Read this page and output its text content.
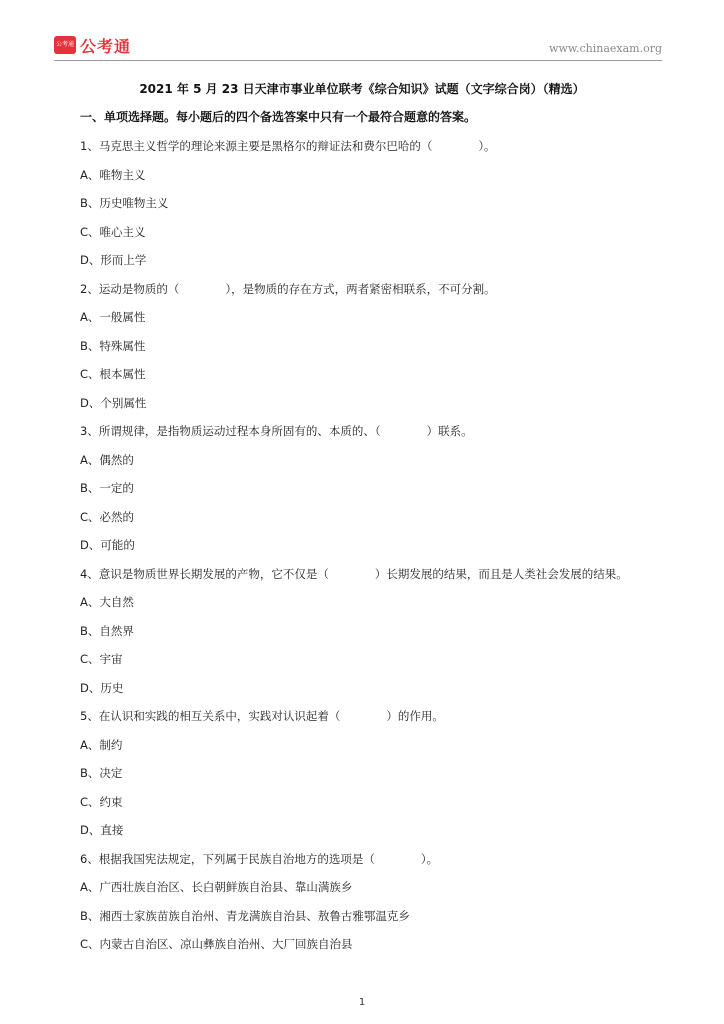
公考通 公考通	www.chinaexam.org
2021 年 5 月 23 日天津市事业单位联考《综合知识》试题（文字综合岗）（精选）
一、单项选择题。每小题后的四个备选答案中只有一个最符合题意的答案。
1、马克思主义哲学的理论来源主要是黑格尔的辩证法和费尔巴哈的（　　　　）。
A、唯物主义
B、历史唯物主义
C、唯心主义
D、形而上学
2、运动是物质的（　　　　），是物质的存在方式，两者紧密相联系，不可分割。
A、一般属性
B、特殊属性
C、根本属性
D、个别属性
3、所谓规律，是指物质运动过程本身所固有的、本质的、（　　　　）联系。
A、偶然的
B、一定的
C、必然的
D、可能的
4、意识是物质世界长期发展的产物，它不仅是（　　　　）长期发展的结果，而且是人类社会发展的结果。
A、大自然
B、自然界
C、宇宙
D、历史
5、在认识和实践的相互关系中，实践对认识起着（　　　　）的作用。
A、制约
B、决定
C、约束
D、直接
6、根据我国宪法规定，下列属于民族自治地方的选项是（　　　　）。
A、广西壮族自治区、长白朝鲜族自治县、靠山满族乡
B、湘西士家族苗族自治州、青龙满族自治县、敖鲁古雅鄂温克乡
C、内蒙古自治区、凉山彝族自治州、大厂回族自治县
1
